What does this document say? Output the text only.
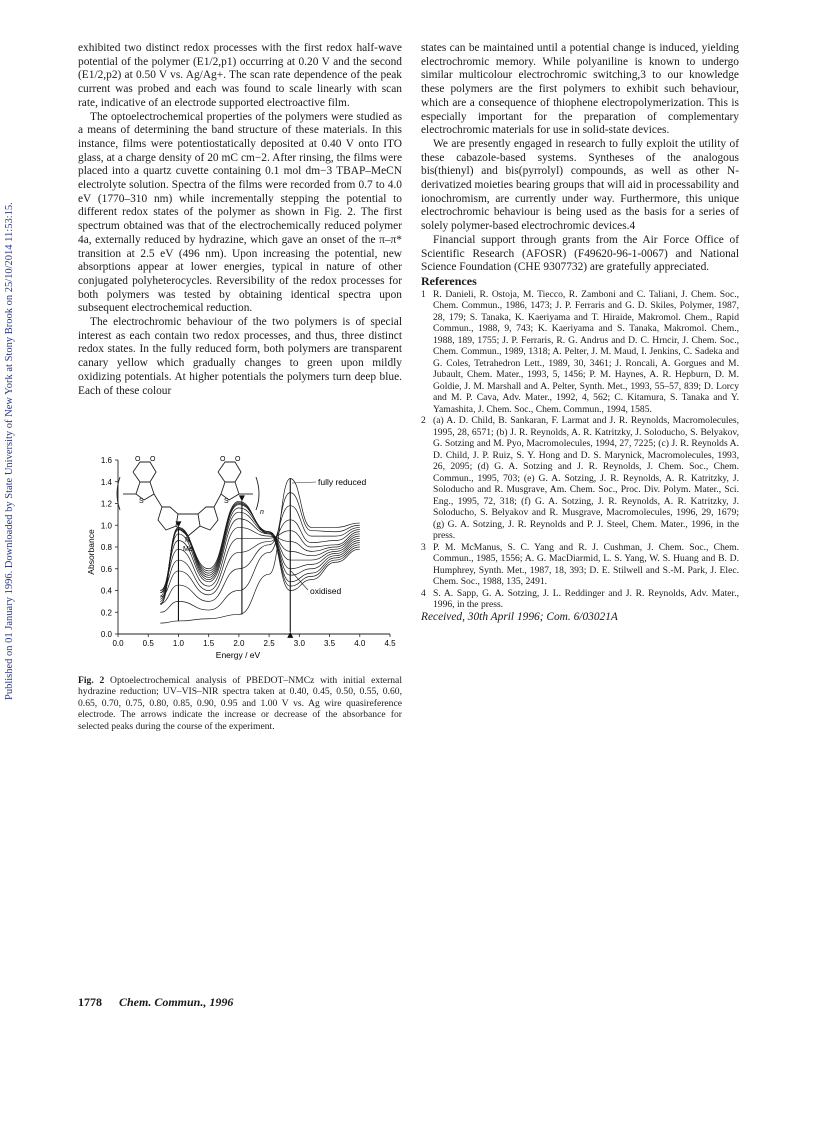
Published on 01 January 1996. Downloaded by State University of New York at Stony Brook on 25/10/2014 11:53:15.

exhibited two distinct redox processes with the first redox half-wave potential of the polymer (E1/2,p1) occurring at 0.20 V and the second (E1/2,p2) at 0.50 V vs. Ag/Ag+. The scan rate dependence of the peak current was probed and each was found to scale linearly with scan rate, indicative of an electrode supported electroactive film.

The optoelectrochemical properties of the polymers were studied as a means of determining the band structure of these materials. In this instance, films were potentiostatically deposited at 0.40 V onto ITO glass, at a charge density of 20 mC cm−2. After rinsing, the films were placed into a quartz cuvette containing 0.1 mol dm−3 TBAP–MeCN electrolyte solution. Spectra of the films were recorded from 0.7 to 4.0 eV (1770–310 nm) while incrementally stepping the potential to different redox states of the polymer as shown in Fig. 2. The first spectrum obtained was that of the electrochemically reduced polymer 4a, externally reduced by hydrazine, which gave an onset of the π–π* transition at 2.5 eV (496 nm). Upon increasing the potential, new absorptions appear at lower energies, typical in nature of other conjugated polyheterocycles. Reversibility of the redox processes for both polymers was tested by obtaining identical spectra upon subsequent electrochemical reduction.

The electrochromic behaviour of the two polymers is of special interest as each contain two redox processes, and thus, three distinct redox states. In the fully reduced form, both polymers are transparent canary yellow which gradually changes to green upon mildly oxidizing potentials. At higher potentials the polymers turn deep blue. Each of these colour

0.0 0.5 1.0 1.5 2.0 2.5 3.0 3.5 4.0 4.5
0.0
0.2
0.4
0.6
0.8
1.0
1.2
1.4
1.6
S	S
N
Me
O O	O O
n
fully reduced
oxidised
Energy / eV
Absorbance
Fig. 2 Optoelectrochemical analysis of PBEDOT–NMCz with initial external hydrazine reduction; UV–VIS–NIR spectra taken at 0.40, 0.45, 0.50, 0.55, 0.60, 0.65, 0.70, 0.75, 0.80, 0.85, 0.90, 0.95 and 1.00 V vs. Ag wire quasireference electrode. The arrows indicate the increase or decrease of the absorbance for selected peaks during the course of the experiment.

states can be maintained until a potential change is induced, yielding electrochromic memory. While polyaniline is known to undergo similar multicolour electrochromic switching,3 to our knowledge these polymers are the first polymers to exhibit such behaviour, which are a consequence of thiophene electropolymerization. This is especially important for the preparation of complementary electrochromic materials for use in solid-state devices.

We are presently engaged in research to fully exploit the utility of these cabazole-based systems. Syntheses of the analogous bis(thienyl) and bis(pyrrolyl) compounds, as well as other N-derivatized moieties bearing groups that will aid in processability and ionochromism, are currently under way. Furthermore, this unique electrochromic behaviour is being used as the basis for a series of solely polymer-based electrochromic devices.4

Financial support through grants from the Air Force Office of Scientific Research (AFOSR) (F49620-96-1-0067) and National Science Foundation (CHE 9307732) are gratefully appreciated.

References

1 R. Danieli, R. Ostoja, M. Tiecco, R. Zamboni and C. Taliani, J. Chem. Soc., Chem. Commun., 1986, 1473; J. P. Ferraris and G. D. Skiles, Polymer, 1987, 28, 179; S. Tanaka, K. Kaeriyama and T. Hiraide, Makromol. Chem., Rapid Commun., 1988, 9, 743; K. Kaeriyama and S. Tanaka, Makromol. Chem., 1988, 189, 1755; J. P. Ferraris, R. G. Andrus and D. C. Hrncir, J. Chem. Soc., Chem. Commun., 1989, 1318; A. Pelter, J. M. Maud, I. Jenkins, C. Sadeka and G. Coles, Tetrahedron Lett., 1989, 30, 3461; J. Roncali, A. Gorgues and M. Jubault, Chem. Mater., 1993, 5, 1456; P. M. Haynes, A. R. Hepburn, D. M. Goldie, J. M. Marshall and A. Pelter, Synth. Met., 1993, 55–57, 839; D. Lorcy and M. P. Cava, Adv. Mater., 1992, 4, 562; C. Kitamura, S. Tanaka and Y. Yamashita, J. Chem. Soc., Chem. Commun., 1994, 1585.
2 (a) A. D. Child, B. Sankaran, F. Larmat and J. R. Reynolds, Macromolecules, 1995, 28, 6571; (b) J. R. Reynolds, A. R. Katritzky, J. Soloducho, S. Belyakov, G. Sotzing and M. Pyo, Macromolecules, 1994, 27, 7225; (c) J. R. Reynolds A. D. Child, J. P. Ruiz, S. Y. Hong and D. S. Marynick, Macromolecules, 1993, 26, 2095; (d) G. A. Sotzing and J. R. Reynolds, J. Chem. Soc., Chem. Commun., 1995, 703; (e) G. A. Sotzing, J. R. Reynolds, A. R. Katritzky, J. Soloducho and R. Musgrave, Am. Chem. Soc., Proc. Div. Polym. Mater., Sci. Eng., 1995, 72, 318; (f) G. A. Sotzing, J. R. Reynolds, A. R. Katritzky, J. Soloducho, S. Belyakov and R. Musgrave, Macromolecules, 1996, 29, 1679; (g) G. A. Sotzing, J. R. Reynolds and P. J. Steel, Chem. Mater., 1996, in the press.
3 P. M. McManus, S. C. Yang and R. J. Cushman, J. Chem. Soc., Chem. Commun., 1985, 1556; A. G. MacDiarmid, L. S. Yang, W. S. Huang and B. D. Humphrey, Synth. Met., 1987, 18, 393; D. E. Stilwell and S.-M. Park, J. Elec. Chem. Soc., 1988, 135, 2491.
4 S. A. Sapp, G. A. Sotzing, J. L. Reddinger and J. R. Reynolds, Adv. Mater., 1996, in the press.

Received, 30th April 1996; Com. 6/03021A

1778 Chem. Commun., 1996
